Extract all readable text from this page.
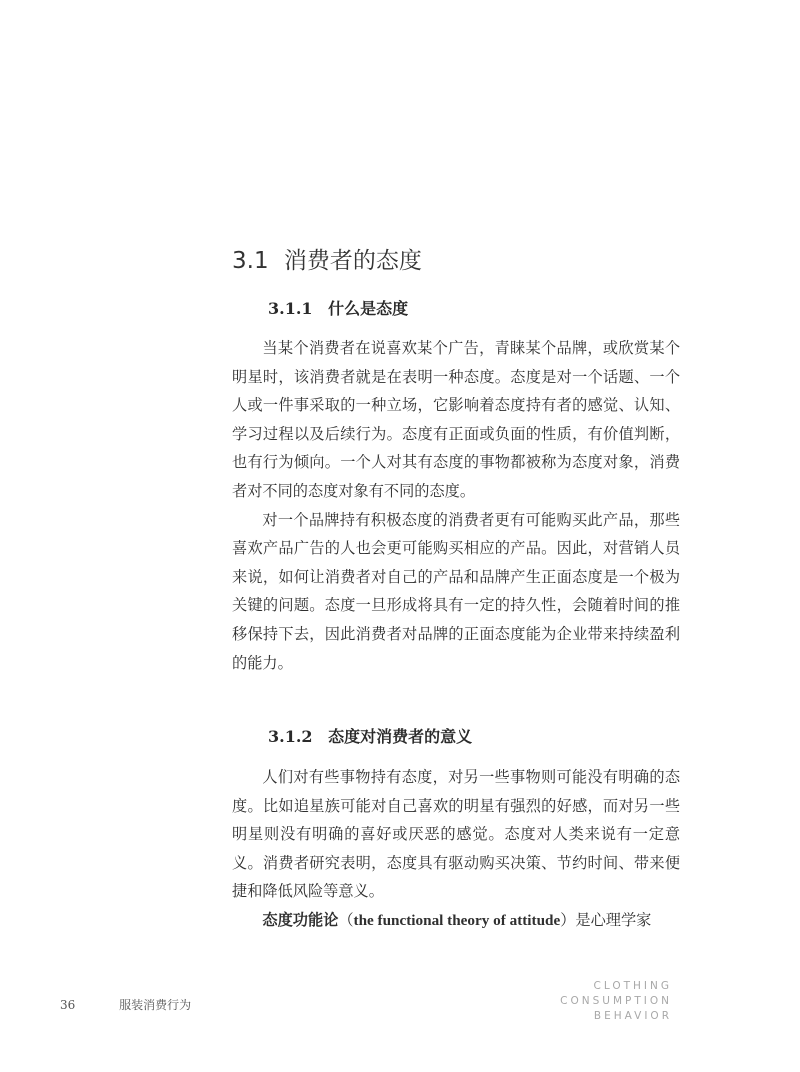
3.1 消费者的态度
3.1.1 什么是态度

当某个消费者在说喜欢某个广告，青睐某个品牌，或欣赏某个明星时，该消费者就是在表明一种态度。态度是对一个话题、一个人或一件事采取的一种立场，它影响着态度持有者的感觉、认知、学习过程以及后续行为。态度有正面或负面的性质，有价值判断，也有行为倾向。一个人对其有态度的事物都被称为态度对象，消费者对不同的态度对象有不同的态度。

对一个品牌持有积极态度的消费者更有可能购买此产品，那些喜欢产品广告的人也会更可能购买相应的产品。因此，对营销人员来说，如何让消费者对自己的产品和品牌产生正面态度是一个极为关键的问题。态度一旦形成将具有一定的持久性，会随着时间的推移保持下去，因此消费者对品牌的正面态度能为企业带来持续盈利的能力。

3.1.2 态度对消费者的意义

人们对有些事物持有态度，对另一些事物则可能没有明确的态度。比如追星族可能对自己喜欢的明星有强烈的好感，而对另一些明星则没有明确的喜好或厌恶的感觉。态度对人类来说有一定意义。消费者研究表明，态度具有驱动购买决策、节约时间、带来便捷和降低风险等意义。

态度功能论（the functional theory of attitude）是心理学家

36	服装消费行为
CLOTHING
CONSUMPTION
BEHAVIOR
